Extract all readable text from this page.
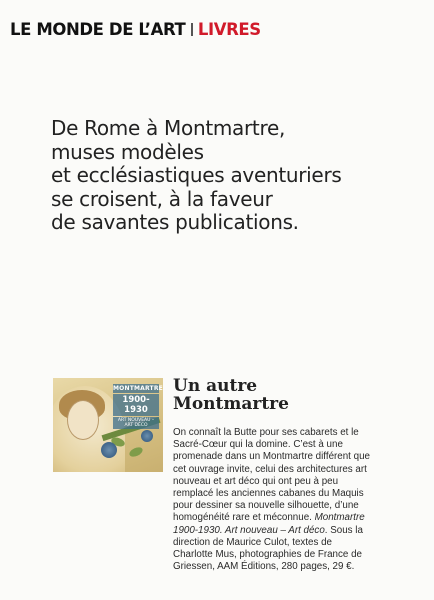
LE MONDE DE L’ART LIVRES
De Rome à Montmartre,
muses modèles
et ecclésiastiques aventuriers
se croisent, à la faveur
de savantes publications.
MONTMARTRE
1900-1930
ART NOUVEAU – ART DÉCO
Un autre
Montmartre
On connaît la Butte pour ses cabarets et le
Sacré-Cœur qui la domine. C’est à une
promenade dans un Montmartre différent que
cet ouvrage invite, celui des architectures art
nouveau et art déco qui ont peu à peu
remplacé les anciennes cabanes du Maquis
pour dessiner sa nouvelle silhouette, d’une
homogénéité rare et méconnue. Montmartre
1900-1930. Art nouveau – Art déco. Sous la
direction de Maurice Culot, textes de
Charlotte Mus, photographies de France de
Griessen, AAM Éditions, 280 pages, 29 €.
